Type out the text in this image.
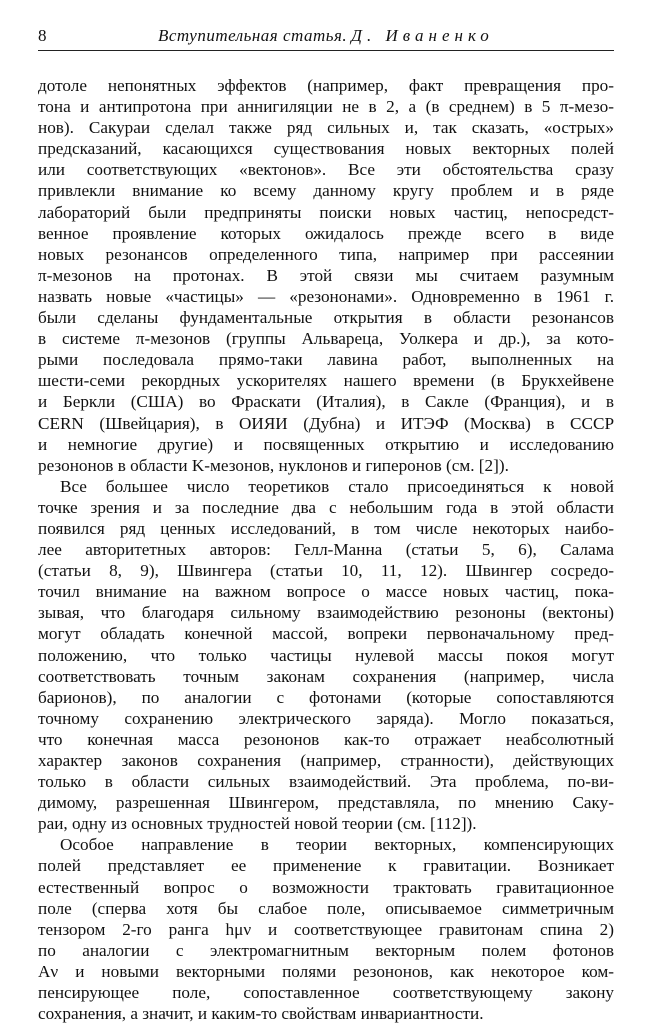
8	Вступительная статья. Д. Иваненко

дотоле непонятных эффектов (например, факт превращения про-
тона и антипротона при аннигиляции не в 2, а (в среднем) в 5 π-мезо-
нов). Сакураи сделал также ряд сильных и, так сказать, «острых»
предсказаний, касающихся существования новых векторных полей
или соответствующих «вектонов». Все эти обстоятельства сразу
привлекли внимание ко всему данному кругу проблем и в ряде
лабораторий были предприняты поиски новых частиц, непосредст-
венное проявление которых ожидалось прежде всего в виде
новых резонансов определенного типа, например при рассеянии
π-мезонов на протонах. В этой связи мы считаем разумным
назвать новые «частицы» — «резононами». Одновременно в 1961 г.
были сделаны фундаментальные открытия в области резонансов
в системе π-мезонов (группы Альвареца, Уолкера и др.), за кото-
рыми последовала прямо-таки лавина работ, выполненных на
шести-семи рекордных ускорителях нашего времени (в Брукхейвене
и Беркли (США) во Фраскати (Италия), в Сакле (Франция), и в
CERN (Швейцария), в ОИЯИ (Дубна) и ИТЭФ (Москва) в СССР
и немногие другие) и посвященных открытию и исследованию
резононов в области K-мезонов, нуклонов и гиперонов (см. [2]).

Все большее число теоретиков стало присоединяться к новой
точке зрения и за последние два с небольшим года в этой области
появился ряд ценных исследований, в том числе некоторых наибо-
лее авторитетных авторов: Гелл-Манна (статьи 5, 6), Салама
(статьи 8, 9), Швингера (статьи 10, 11, 12). Швингер сосредо-
точил внимание на важном вопросе о массе новых частиц, пока-
зывая, что благодаря сильному взаимодействию резононы (вектоны)
могут обладать конечной массой, вопреки первоначальному пред-
положению, что только частицы нулевой массы покоя могут
соответствовать точным законам сохранения (например, числа
барионов), по аналогии с фотонами (которые сопоставляются
точному сохранению электрического заряда). Могло показаться,
что конечная масса резононов как-то отражает неабсолютный
характер законов сохранения (например, странности), действующих
только в области сильных взаимодействий. Эта проблема, по-ви-
димому, разрешенная Швингером, представляла, по мнению Саку-
раи, одну из основных трудностей новой теории (см. [112]).

Особое направление в теории векторных, компенсирующих
полей представляет ее применение к гравитации. Возникает
естественный вопрос о возможности трактовать гравитационное
поле (сперва хотя бы слабое поле, описываемое симметричным
тензором 2-го ранга hμν и соответствующее гравитонам спина 2)
по аналогии с электромагнитным векторным полем фотонов
Aν и новыми векторными полями резононов, как некоторое ком-
пенсирующее поле, сопоставленное соответствующему закону
сохранения, а значит, и каким-то свойствам инвариантности.
